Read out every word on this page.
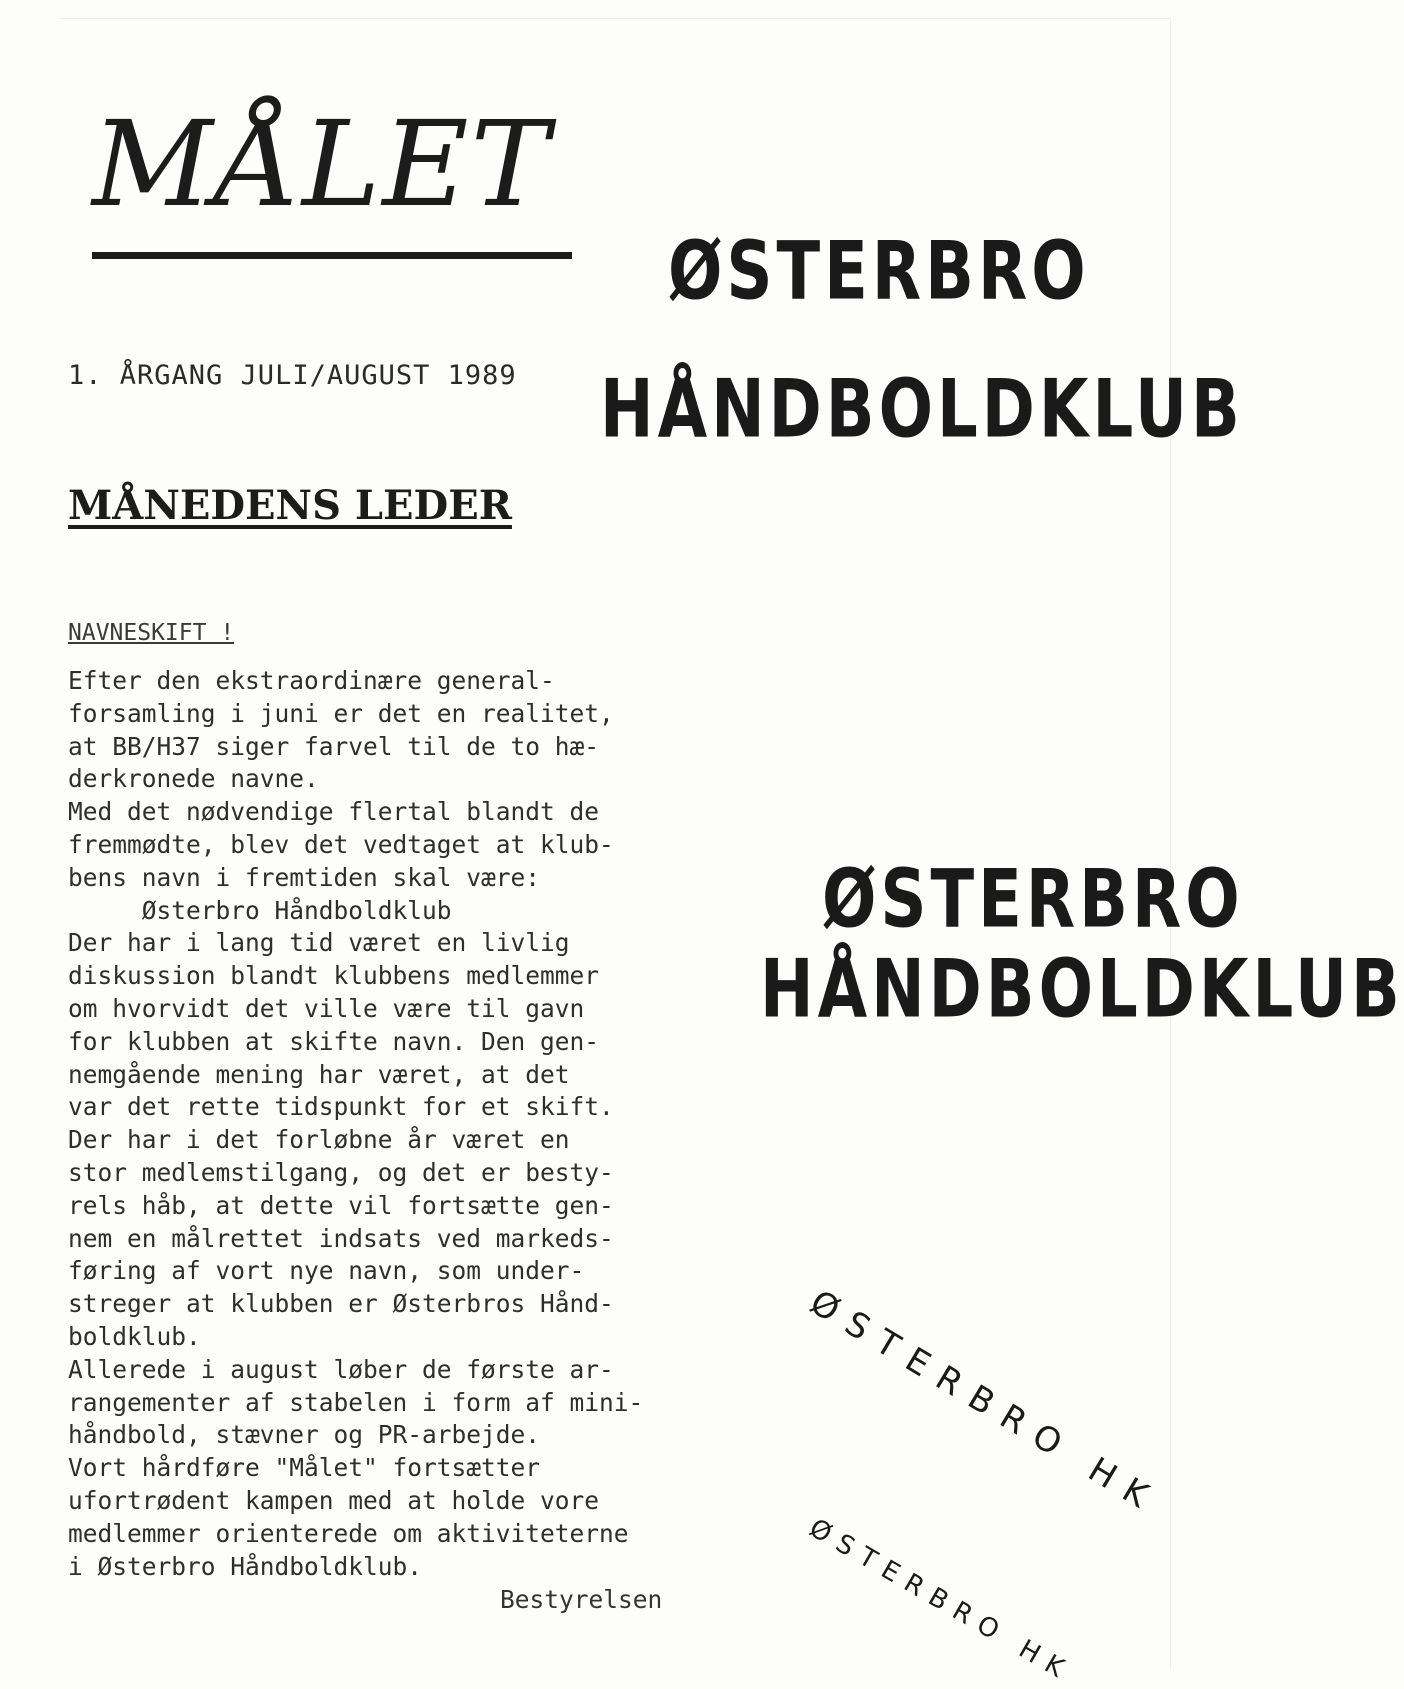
MÅLET
1. ÅRGANG JULI/AUGUST 1989
MÅNEDENS LEDER
NAVNESKIFT !
Efter den ekstraordinære general-
forsamling i juni er det en realitet,
at BB/H37 siger farvel til de to hæ-
derkronede navne.
Med det nødvendige flertal blandt de
fremmødte, blev det vedtaget at klub-
bens navn i fremtiden skal være:
Østerbro Håndboldklub
Der har i lang tid været en livlig
diskussion blandt klubbens medlemmer
om hvorvidt det ville være til gavn
for klubben at skifte navn. Den gen-
nemgående mening har været, at det
var det rette tidspunkt for et skift.
Der har i det forløbne år været en
stor medlemstilgang, og det er besty-
rels håb, at dette vil fortsætte gen-
nem en målrettet indsats ved markeds-
føring af vort nye navn, som under-
streger at klubben er Østerbros Hånd-
boldklub.
Allerede i august løber de første ar-
rangementer af stabelen i form af mini-
håndbold, stævner og PR-arbejde.
Vort hårdføre "Målet" fortsætter
ufortrødent kampen med at holde vore
medlemmer orienterede om aktiviteterne
i Østerbro Håndboldklub.
Bestyrelsen
ØSTERBRO
HÅNDBOLDKLUB
ØSTERBRO
HÅNDBOLDKLUB
ØSTERBRO HK
ØSTERBRO HK
